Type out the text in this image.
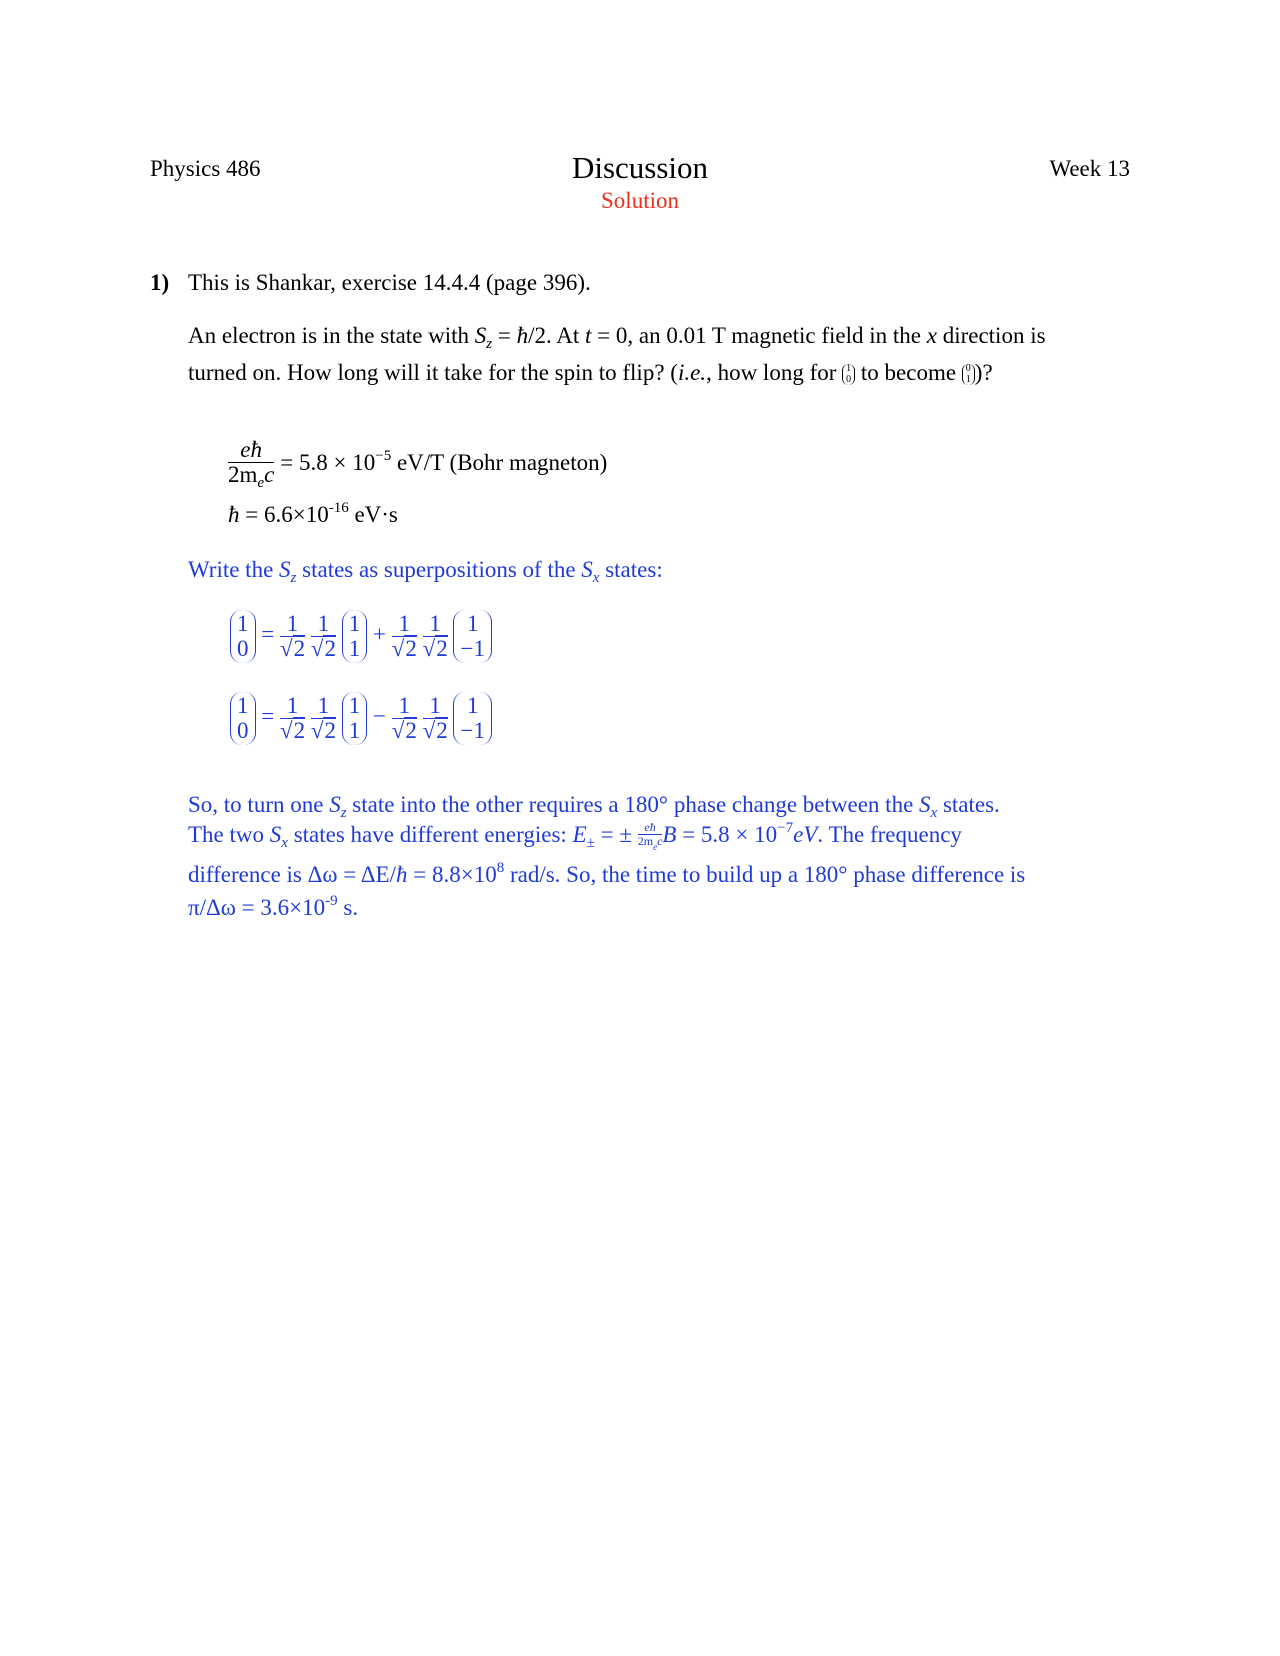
Physics 486	Discussion
Solution
Week 13
1) This is Shankar, exercise 14.4.4 (page 396).
An electron is in the state with $S_z$ = ħ/2. At t = 0, an 0.01 T magnetic field in the x direction is
turned on. How long will it take for the spin to flip? (i.e., how long for 1
0 to become 0
1 )?
$\frac{eħ}{2m_ec} = 5.8 \times 10^{-5}$ eV/T (Bohr magneton)
ħ = $6.6\times 10^{-16}$ eV·s
Write the $S_z$ states as superpositions of the $S_x$ states:
1
0
= $\frac{1}{√2}$
$\frac{1}{√2}$
1
1
+ $\frac{1}{√2}$
$\frac{1}{√2}$
1
−1
1
0
= $\frac{1}{√2}$
$\frac{1}{√2}$
1
1
− $\frac{1}{√2}$
$\frac{1}{√2}$
1
−1
So, to turn one $S_z$ state into the other requires a 180° phase change between the $S_x$ states.
The two $S_x$ states have different energies: $E_\pm$ = ± $\frac{eħ}{2m_ec}$ $B = 5.8 \times 10^{-7}eV$. The frequency
difference is Δω = ΔE/ħ = $8.8\times 10^8$ rad/s. So, the time to build up a 180° phase difference is
$\pi/\Delta\omega = 3.6\times 10^{-9}$ s.
